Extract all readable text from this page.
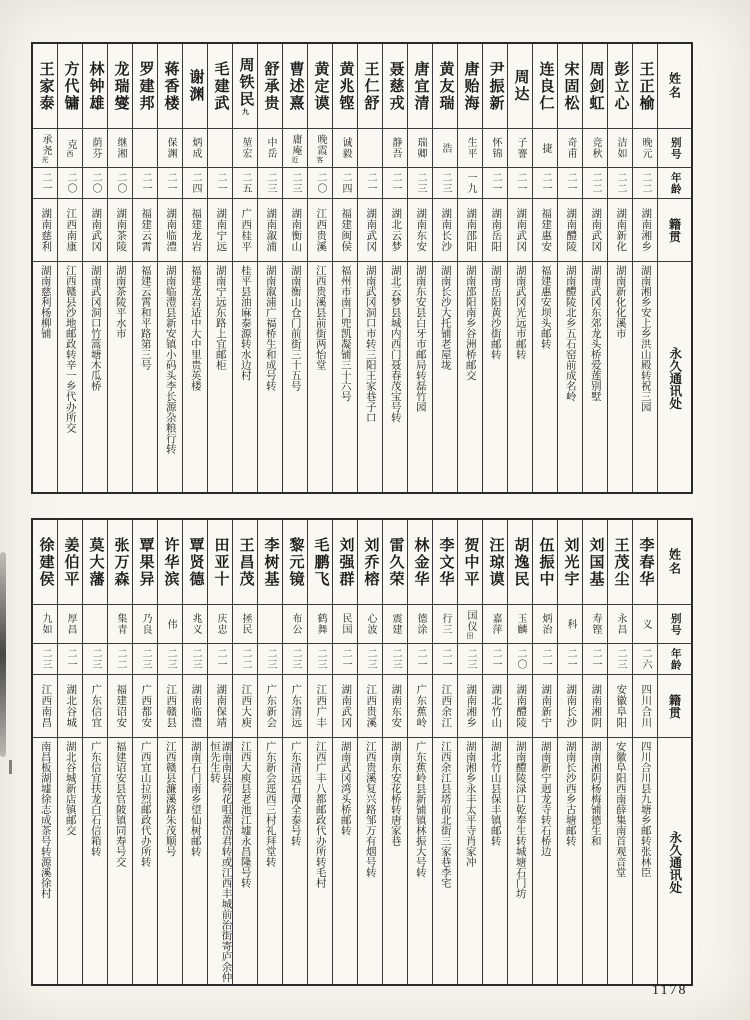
姓名
别号
年龄
籍贯
永久通讯处
王正榆
晚元
二二
湖南湘乡
湖南湘乡安上乡洪山殿转祝三园
彭立心
洁如
二二
湖南新化
湖南新化化溪市
周剑虹
竞秋
二二
湖南武冈
湖南武冈东郊龙头桥爱莲别墅
宋固松
奇甫
二一
湖南醴陵
湖南醴陵北乡五石窑前成名岭
连良仁
捷
二一
福建惠安
福建惠安坝头邮转
周达
子謇
二一
湖南武冈
湖南武冈光远市邮转
尹振新
怀锦
二一
湖南岳阳
湖南岳阳黄沙街邮转
唐贻海
生平
一九
湖南邵阳
湖南邵阳南乡谷洲桥邮交
黄友瑞
浩
二三
湖南长沙
湖南长沙大托铺老屋垅
唐宜清
瑞卿
二三
湖南东安
湖南东安县白牙市邮局转磊竹园
聂慈戎
静吾
二一
湖北云梦
湖北云梦县城内西门聂春茂宝号转
王仁舒
二一
湖南武冈
湖南武冈洞口市转三阳王家巷子口
黄兆铿
诚毅
二四
福建闽侯
福州市南门兜凯凝铺三十六号
黄定谟
晚霞客
二〇
江西贵溪
江西贵溪县前街两怡堂
曹述熹
庸庵近
二三
湖南衡山
湖南衡山仓门前街三十五号
舒承贵
中岳
二三
湖南溆浦
湖南溆浦广福桥生和成号转
周铁民九
堃宏
二五
广西桂平
桂平县油麻泰源转水边村
毛建武
二一
湖南宁远
湖南宁远东路上宜邮柜
谢渊
炳成
二四
福建龙岩
福建龙岩适中大中里贵英楼
蒋香楼
保渊
二一
湖南临澧
湖南临澧县新安镇小码头李长源杂粮行转
罗建邦
二一
福建云霄
福建云霄和平路第三号
龙瑞燮
继湘
二〇
湖南茶陵
湖南茶陵平水市
林钟雄
荫芬
二〇
湖南武冈
湖南武冈洞口竹篙塘木瓜桥
方代镛
克西
二〇
江西南康
江西赣县沙地邮政转辛一乡代办所交
王家泰
承尧光
二一
湖南慈利
湖南慈利杨柳铺
姓名
别号
年龄
籍贯
永久通讯处
李春华
义
二六
四川合川
四川合川县九塘乡邮转张林臣
王茂尘
永昌
二三
安徽阜阳
安徽阜阳西南薛集南首观音堂
刘国基
寿铿
二一
湖南湘阴
湖南湘阴杨梅铺德生和
刘光宇
科
二一
湖南长沙
湖南长沙西乡古塘邮转
伍振中
炳治
二一
湖南新宁
湖南新宁迥龙寺转石桥边
胡逸民
玉麟
二〇
湖南醴陵
湖南醴陵渌口乾奉生转城塘石门坊
汪琼谟
嘉萍
二一
湖北竹山
湖北竹山县保丰镇邮转
贺中平
国仪田
二三
湖南湘乡
湖南湘乡永丰太平寺肖家冲
李文华
行三
二一
江西余江
江西余江县塔前北街三家巷李宅
林金华
德涂
二一
广东蕉岭
广东蕉岭县新铺镇林振大号转
雷久荣
震建
二三
湖南东安
湖南东安花桥转唐家巷
刘乔榕
心波
二三
江西贵溪
江西贵溪复兴路邹万有烟号转
刘强群
民国
二一
湖南武冈
湖南武冈湾头桥邮转
毛鹏飞
鹤舞
二三
江西广丰
江西广丰八都邮政代办所转毛村
黎元镜
布公
二三
广东清远
广东清远石潭全泰号转
李树基
二三
广东新会
广东新会逕西三村礼拜堂转
王昌茂
拯民
二二
江西大庾
江西大庾县老池江墟永昌隆号转
田亚十
庆忠
二一
湖南保靖
湖南南县荷花咀萧岱君转或江西丰城前治街寄庐余仲恒先生转
覃贤德
兆义
二三
湖南临澧
湖南石门南乡望仙树邮转
许华滨
伟
二三
江西赣县
江西赣县濂溪路朱茂顺号
覃果异
乃良
二三
广西都安
广西宜山拉烈邮政代办所转
张万森
集青
二二
福建诏安
福建诏安县官陂镇同寿号交
莫大藩
二三
广东信宜
广东信宜扶龙白石信箱转
姜伯平
厚昌
二一
湖北谷城
湖北谷城新店镇邮交
徐建侯
九如
二三
江西南昌
南昌板湖墟徐志成茶号转源溪徐村
1178
